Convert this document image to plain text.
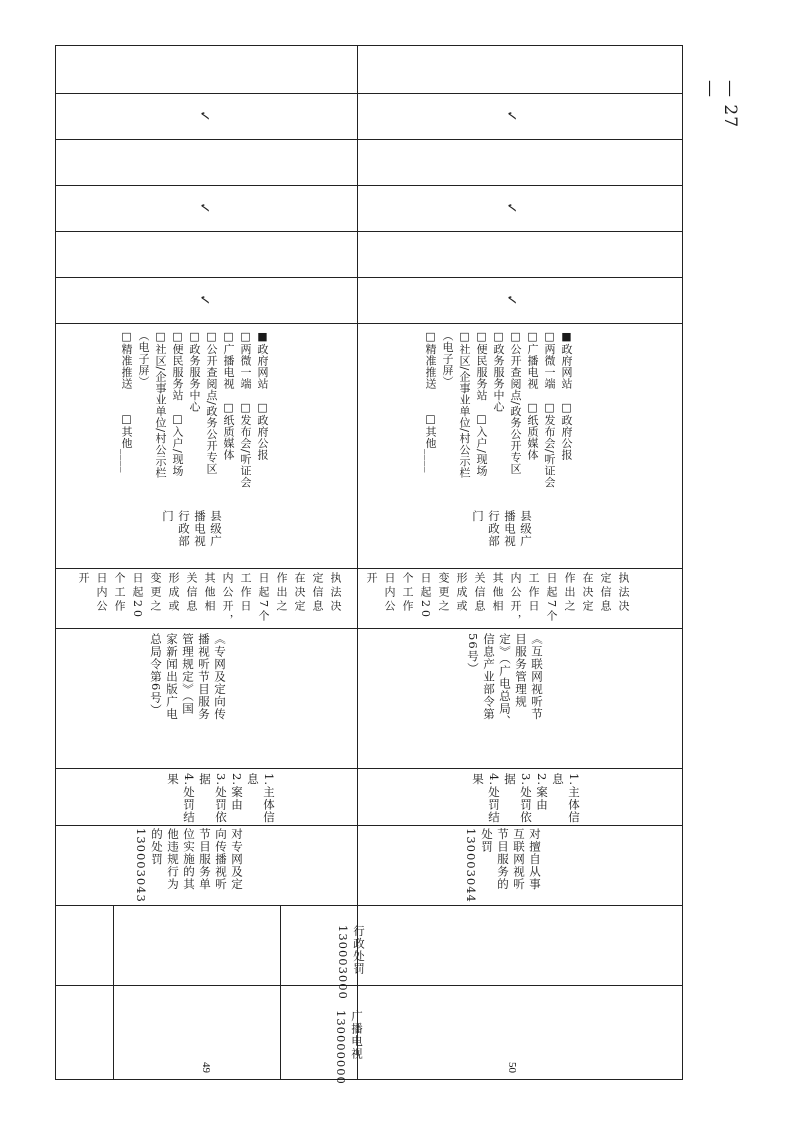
— 27 —
49
广播电视
130000000
行政处罚
130003000
对专网及定
向传播视听
节目服务单
位实施的其
他违规行为
的处罚
130003043
1.主体信息
2.案由
3.处罚依据
4.处罚结果
《专网及定向传
播视听节目服务
管理规定》（国
家新闻出版广电
总局令第6号）
执法决
定信息
在决定
作出之
日起7个
工作日
内公开，
其他相
关信息
形成或
变更之
日起20
个工作
日内公
开
县级广
播电视
行政部
门
■政府网站　□政府公报
□两微一端　□发布会/听证会
□广播电视　□纸质媒体
□公开查阅点/政务公开专区
□政务服务中心
□便民服务站　□入户/现场
□社区/企事业单位/村公示栏
（电子屏）
□精准推送　　□其他____
✓
✓
✓
50
对擅自从事
互联网视听
节目服务的
处罚
130003044
1.主体信息
2.案由
3.处罚依据
4.处罚结果
《互联网视听节
目服务管理规
定》（广电总局、
信息产业部令第
56号）
执法决
定信息
在决定
作出之
日起7个
工作日
内公开，
其他相
关信息
形成或
变更之
日起20
个工作
日内公
开
县级广
播电视
行政部
门
■政府网站　□政府公报
□两微一端　□发布会/听证会
□广播电视　□纸质媒体
□公开查阅点/政务公开专区
□政务服务中心
□便民服务站　□入户/现场
□社区/企事业单位/村公示栏
（电子屏）
□精准推送　　□其他____
✓
✓
✓
